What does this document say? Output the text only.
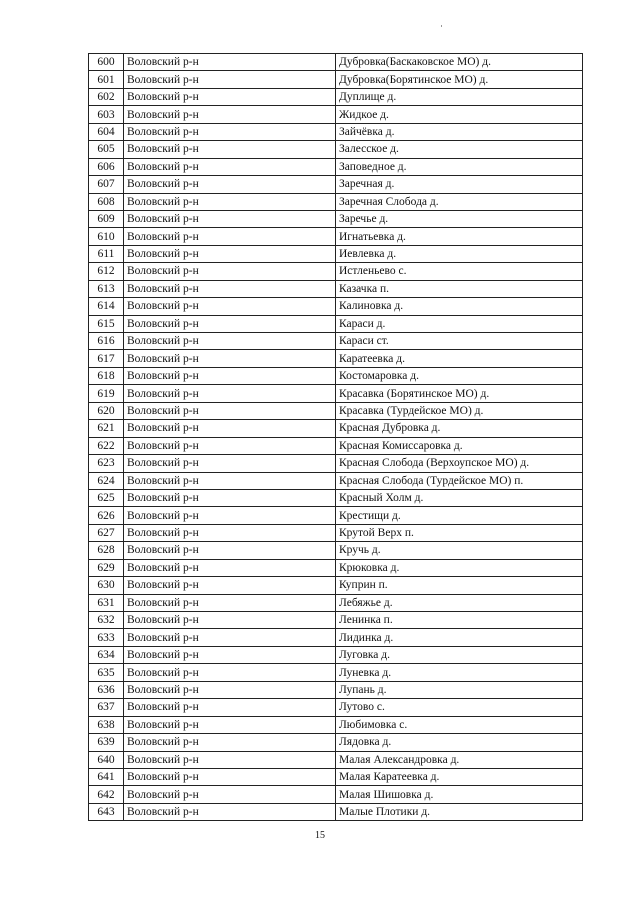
600	Воловский р-н	Дубровка(Баскаковское МО) д.
601	Воловский р-н	Дубровка(Борятинское МО) д.
602	Воловский р-н	Дуплище д.
603	Воловский р-н	Жидкое д.
604	Воловский р-н	Зайчёвка д.
605	Воловский р-н	Залесское д.
606	Воловский р-н	Заповедное д.
607	Воловский р-н	Заречная д.
608	Воловский р-н	Заречная Слобода д.
609	Воловский р-н	Заречье д.
610	Воловский р-н	Игнатьевка д.
611	Воловский р-н	Иевлевка д.
612	Воловский р-н	Истленьево с.
613	Воловский р-н	Казачка п.
614	Воловский р-н	Калиновка д.
615	Воловский р-н	Караси д.
616	Воловский р-н	Караси ст.
617	Воловский р-н	Каратеевка д.
618	Воловский р-н	Костомаровка д.
619	Воловский р-н	Красавка (Борятинское МО) д.
620	Воловский р-н	Красавка (Турдейское МО) д.
621	Воловский р-н	Красная Дубровка д.
622	Воловский р-н	Красная Комиссаровка д.
623	Воловский р-н	Красная Слобода (Верхоупское МО) д.
624	Воловский р-н	Красная Слобода (Турдейское МО) п.
625	Воловский р-н	Красный Холм д.
626	Воловский р-н	Крестищи д.
627	Воловский р-н	Крутой Верх п.
628	Воловский р-н	Кручь д.
629	Воловский р-н	Крюковка д.
630	Воловский р-н	Куприн п.
631	Воловский р-н	Лебяжье д.
632	Воловский р-н	Ленинка п.
633	Воловский р-н	Лидинка д.
634	Воловский р-н	Луговка д.
635	Воловский р-н	Луневка д.
636	Воловский р-н	Лупань д.
637	Воловский р-н	Лутово с.
638	Воловский р-н	Любимовка с.
639	Воловский р-н	Лядовка д.
640	Воловский р-н	Малая Александровка д.
641	Воловский р-н	Малая Каратеевка д.
642	Воловский р-н	Малая Шишовка д.
643	Воловский р-н	Малые Плотики д.
15
